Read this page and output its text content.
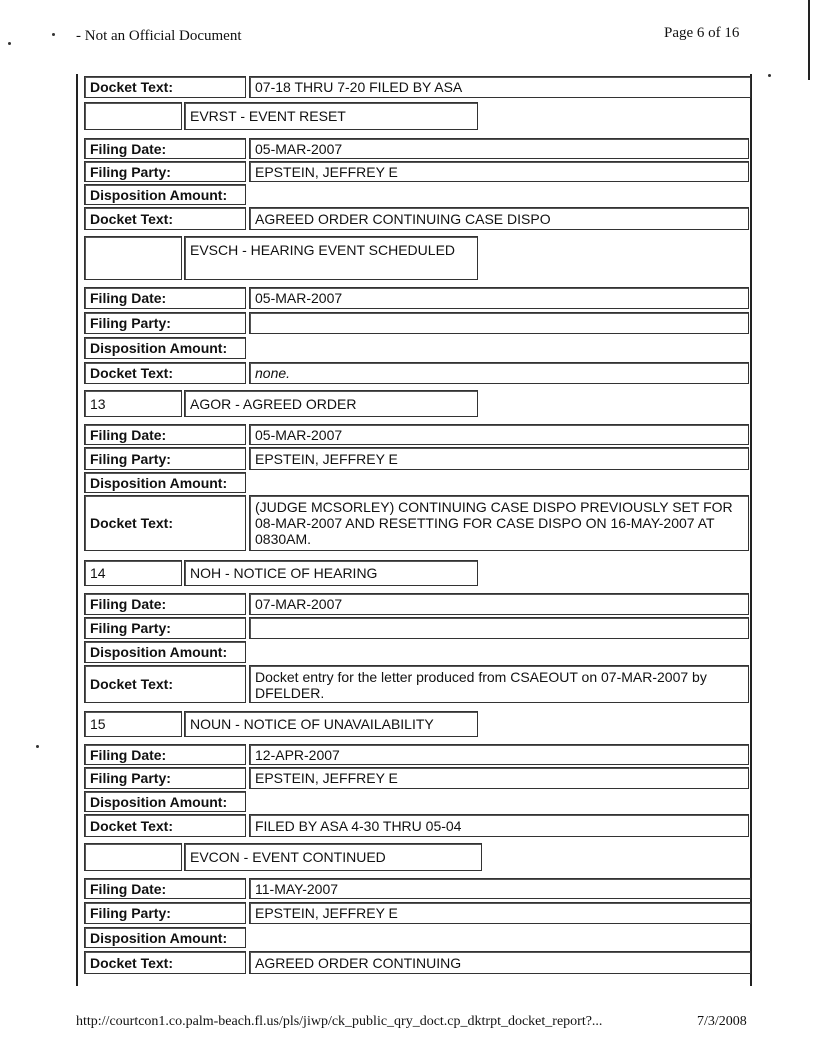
- Not an Official Document	Page 6 of 16
Docket Text:	07-18 THRU 7-20 FILED BY ASA
EVRST - EVENT RESET
Filing Date:	05-MAR-2007
Filing Party:	EPSTEIN, JEFFREY E
Disposition Amount:
Docket Text:	AGREED ORDER CONTINUING CASE DISPO
EVSCH - HEARING EVENT SCHEDULED
Filing Date:	05-MAR-2007
Filing Party:
Disposition Amount:
Docket Text:	none.
13	AGOR - AGREED ORDER
Filing Date:	05-MAR-2007
Filing Party:	EPSTEIN, JEFFREY E
Disposition Amount:
Docket Text:
(JUDGE MCSORLEY) CONTINUING CASE DISPO PREVIOUSLY SET FOR 08-MAR-2007 AND RESETTING FOR CASE DISPO ON 16-MAY-2007 AT 0830AM.
14	NOH - NOTICE OF HEARING
Filing Date:	07-MAR-2007
Filing Party:
Disposition Amount:
Docket Text:	Docket entry for the letter produced from CSAEOUT on 07-MAR-2007 by DFELDER.
15	NOUN - NOTICE OF UNAVAILABILITY
Filing Date:	12-APR-2007
Filing Party:	EPSTEIN, JEFFREY E
Disposition Amount:
Docket Text:	FILED BY ASA 4-30 THRU 05-04
EVCON - EVENT CONTINUED
Filing Date:	11-MAY-2007
Filing Party:	EPSTEIN, JEFFREY E
Disposition Amount:
Docket Text:	AGREED ORDER CONTINUING
http://courtcon1.co.palm-beach.fl.us/pls/jiwp/ck_public_qry_doct.cp_dktrpt_docket_report?...	7/3/2008
